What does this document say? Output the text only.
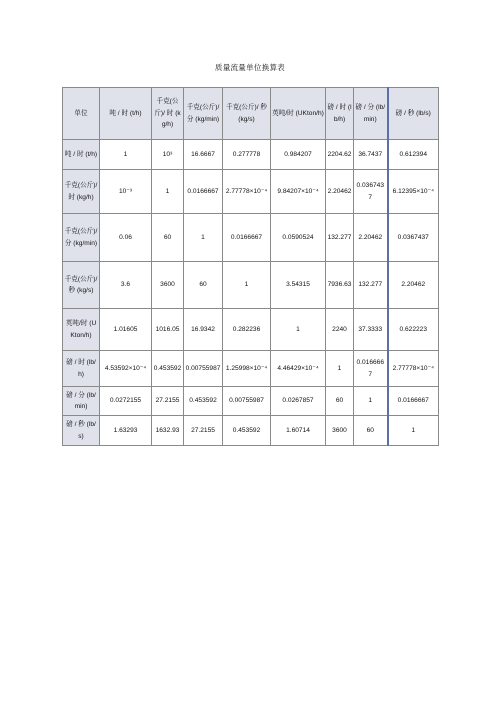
质量流量单位换算表
单位	吨 / 时 (t/h)	千克(公斤)/ 时 (kg/h)	千克(公斤)/ 分 (kg/min)	千克(公斤)/ 秒 (kg/s)	英吨/时 (UKton/h)	磅 / 时 (lb/h)	磅 / 分 (lb/min)	磅 / 秒 (lb/s)
吨 / 时 (t/h)	1	10³	16.6667	0.277778	0.984207	2204.62	36.7437	0.612394
千克(公斤)/ 时 (kg/h)	10⁻³	1	0.0166667	2.77778×10⁻⁴	9.84207×10⁻⁴	2.20462	0.0367437	6.12395×10⁻⁴
千克(公斤)/ 分 (kg/min)	0.06	60	1	0.0166667	0.0590524	132.277	2.20462	0.0367437
千克(公斤)/ 秒 (kg/s)	3.6	3600	60	1	3.54315	7936.63	132.277	2.20462
英吨/时 (UKton/h)	1.01605	1016.05	16.9342	0.282236	1	2240	37.3333	0.622223
磅 / 时 (lb/h)	4.53592×10⁻⁴	0.453592	0.00755987	1.25998×10⁻⁴	4.46429×10⁻⁴	1	0.0166667	2.77778×10⁻⁴
磅 / 分 (lb/min)	0.0272155	27.2155	0.453592	0.00755987	0.0267857	60	1	0.0166667
磅 / 秒 (lb/s)	1.63293	1632.93	27.2155	0.453592	1.60714	3600	60	1
